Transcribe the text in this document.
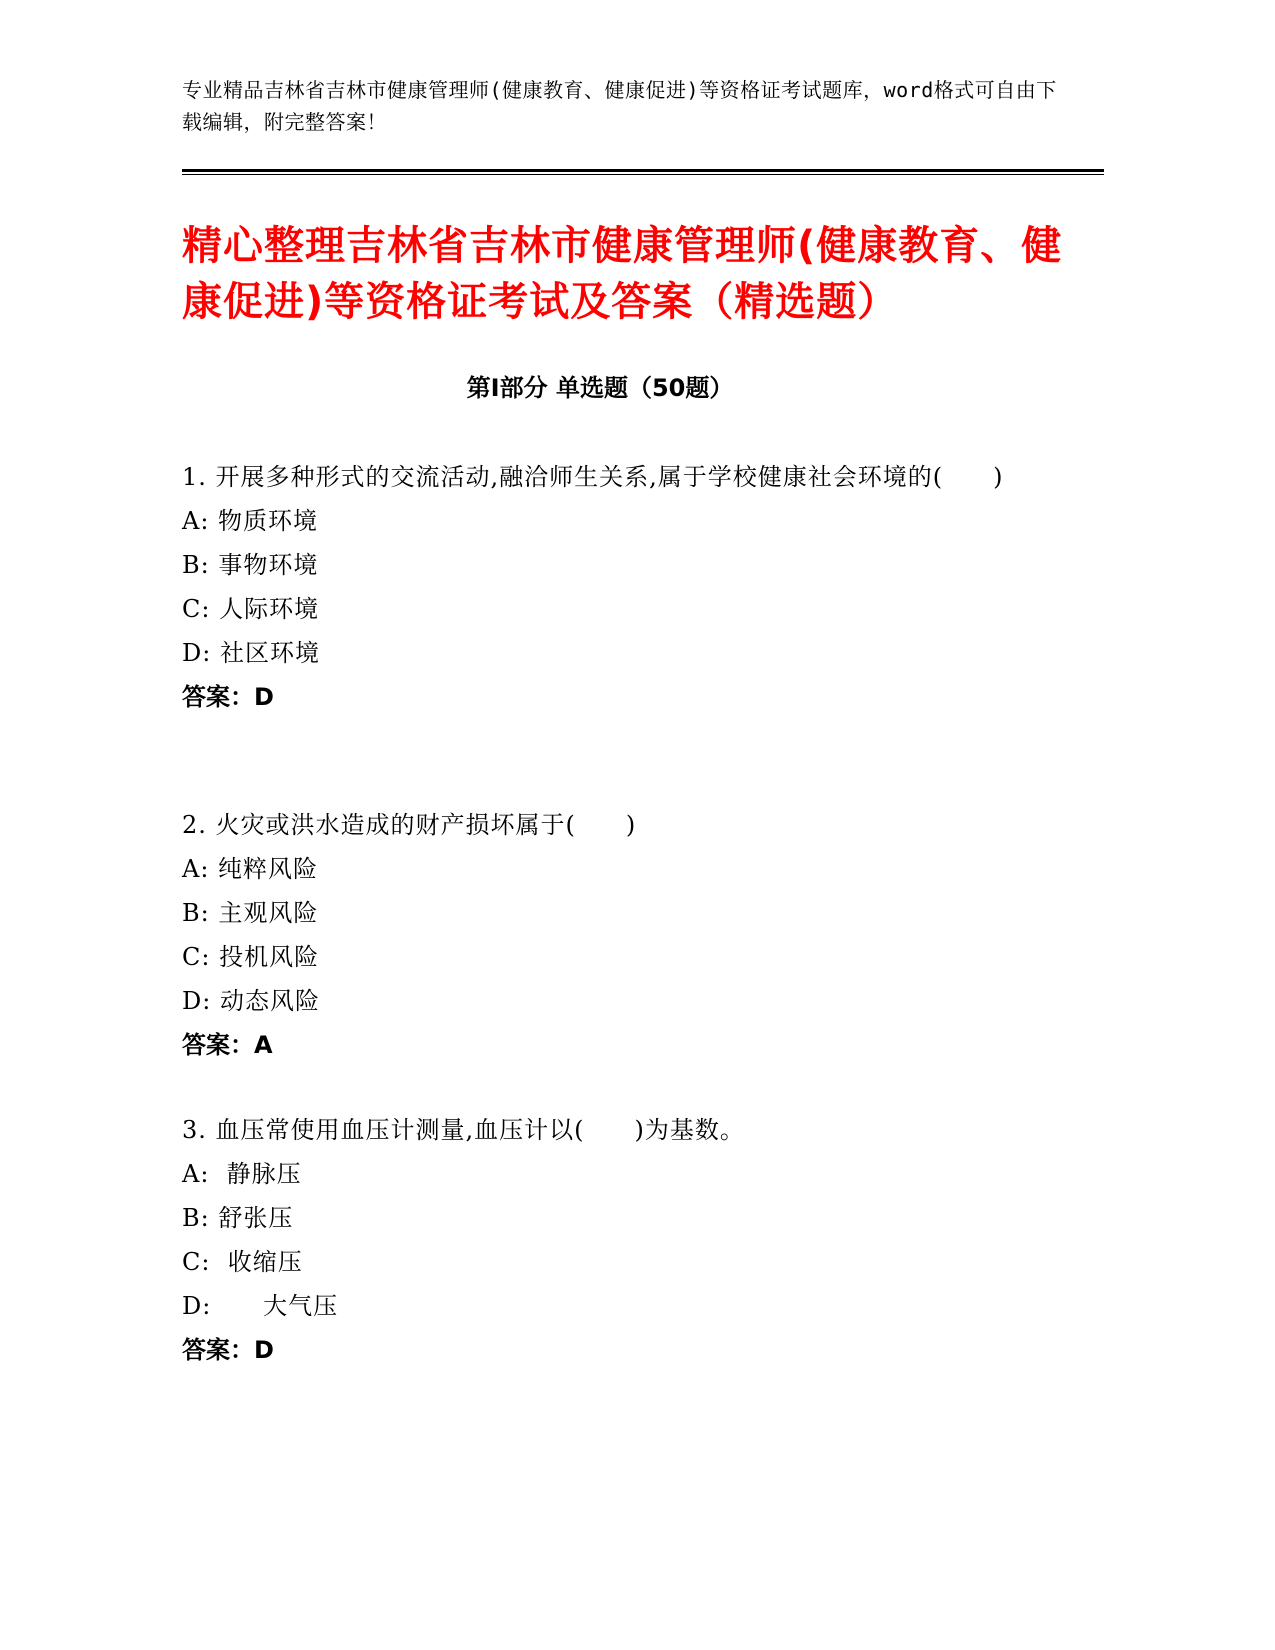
专业精品吉林省吉林市健康管理师(健康教育、健康促进)等资格证考试题库，word格式可自由下载编辑，附完整答案！
精心整理吉林省吉林市健康管理师(健康教育、健康促进)等资格证考试及答案（精选题）
第Ⅰ部分 单选题（50题）

1. 开展多种形式的交流活动,融洽师生关系,属于学校健康社会环境的(　　)

A: 物质环境

B: 事物环境

C: 人际环境

D: 社区环境

答案：D

2. 火灾或洪水造成的财产损坏属于(　　)

A: 纯粹风险

B: 主观风险

C: 投机风险

D: 动态风险

答案：A

3. 血压常使用血压计测量,血压计以(　　)为基数。

A:  静脉压

B: 舒张压

C:  收缩压

D:      大气压

答案：D
